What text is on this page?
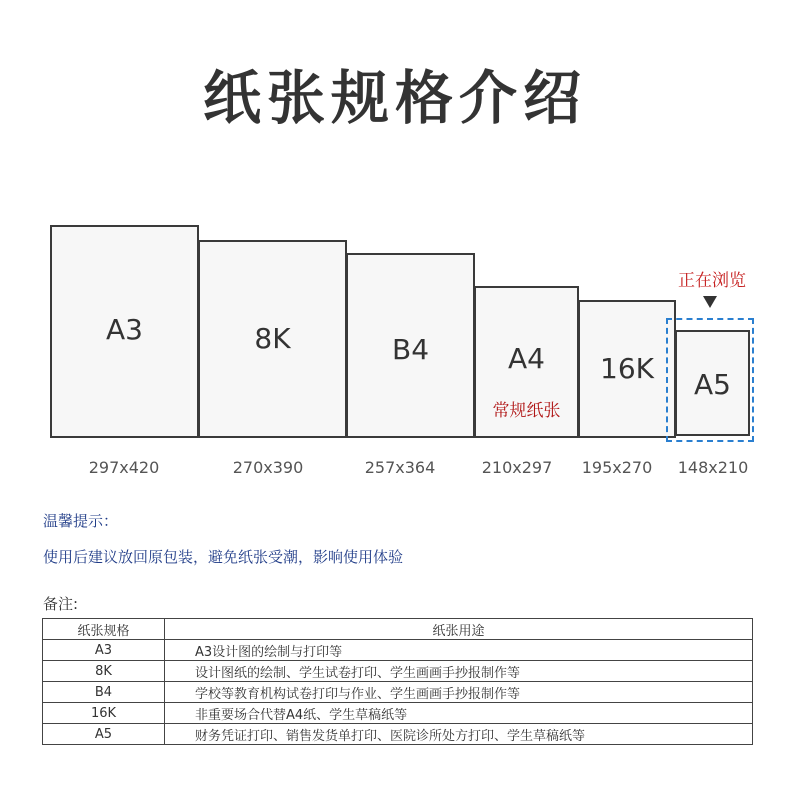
纸张规格介绍
A3	8K	B4	A4
常规纸张
16K	A5
正在浏览
297x420	270x390	257x364	210x297	195x270	148x210
温馨提示：
使用后建议放回原包装，避免纸张受潮，影响使用体验
备注:
纸张规格	纸张用途
A3	A3设计图的绘制与打印等
8K	设计图纸的绘制、学生试卷打印、学生画画手抄报制作等
B4	学校等教育机构试卷打印与作业、学生画画手抄报制作等
16K	非重要场合代替A4纸、学生草稿纸等
A5	财务凭证打印、销售发货单打印、医院诊所处方打印、学生草稿纸等
